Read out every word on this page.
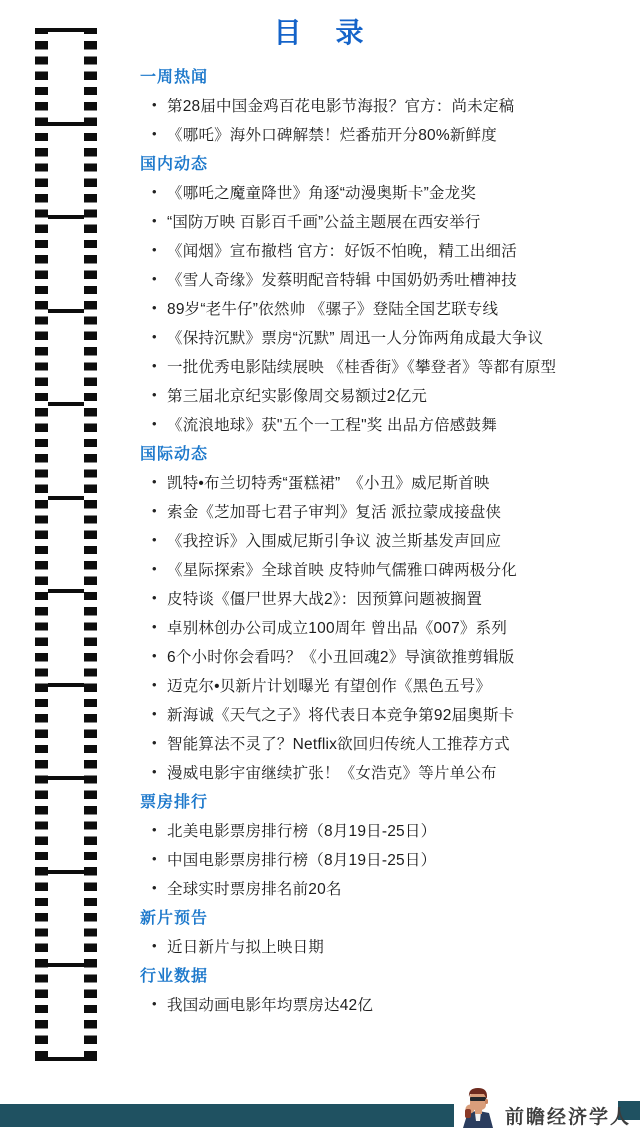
目　录
一周热闻
• 第28届中国金鸡百花电影节海报？官方：尚未定稿
• 《哪吒》海外口碑解禁！烂番茄开分80%新鲜度
国内动态
• 《哪吒之魔童降世》角逐“动漫奥斯卡”金龙奖
• “国防万映 百影百千画”公益主题展在西安举行
• 《闻烟》宣布撤档 官方：好饭不怕晚，精工出细活
• 《雪人奇缘》发蔡明配音特辑 中国奶奶秀吐槽神技
• 89岁“老牛仔”依然帅 《骡子》登陆全国艺联专线
• 《保持沉默》票房“沉默” 周迅一人分饰两角成最大争议
• 一批优秀电影陆续展映 《桂香街》《攀登者》等都有原型
• 第三届北京纪实影像周交易额过2亿元
• 《流浪地球》获"五个一工程"奖 出品方倍感鼓舞
国际动态
• 凯特•布兰切特秀“蛋糕裙”　《小丑》威尼斯首映
• 索金《芝加哥七君子审判》复活 派拉蒙成接盘侠
• 《我控诉》入围威尼斯引争议 波兰斯基发声回应
• 《星际探索》全球首映 皮特帅气儒雅口碑两极分化
• 皮特谈《僵尸世界大战2》：因预算问题被搁置
• 卓别林创办公司成立100周年 曾出品《007》系列
• 6个小时你会看吗？《小丑回魂2》导演欲推剪辑版
• 迈克尔•贝新片计划曝光 有望创作《黑色五号》
• 新海诚《天气之子》将代表日本竞争第92届奥斯卡
• 智能算法不灵了？Netflix欲回归传统人工推荐方式
• 漫威电影宇宙继续扩张！《女浩克》等片单公布
票房排行
• 北美电影票房排行榜（8月19日-25日）
• 中国电影票房排行榜（8月19日-25日）
• 全球实时票房排名前20名
新片预告
• 近日新片与拟上映日期
行业数据
• 我国动画电影年均票房达42亿
前瞻经济学人
